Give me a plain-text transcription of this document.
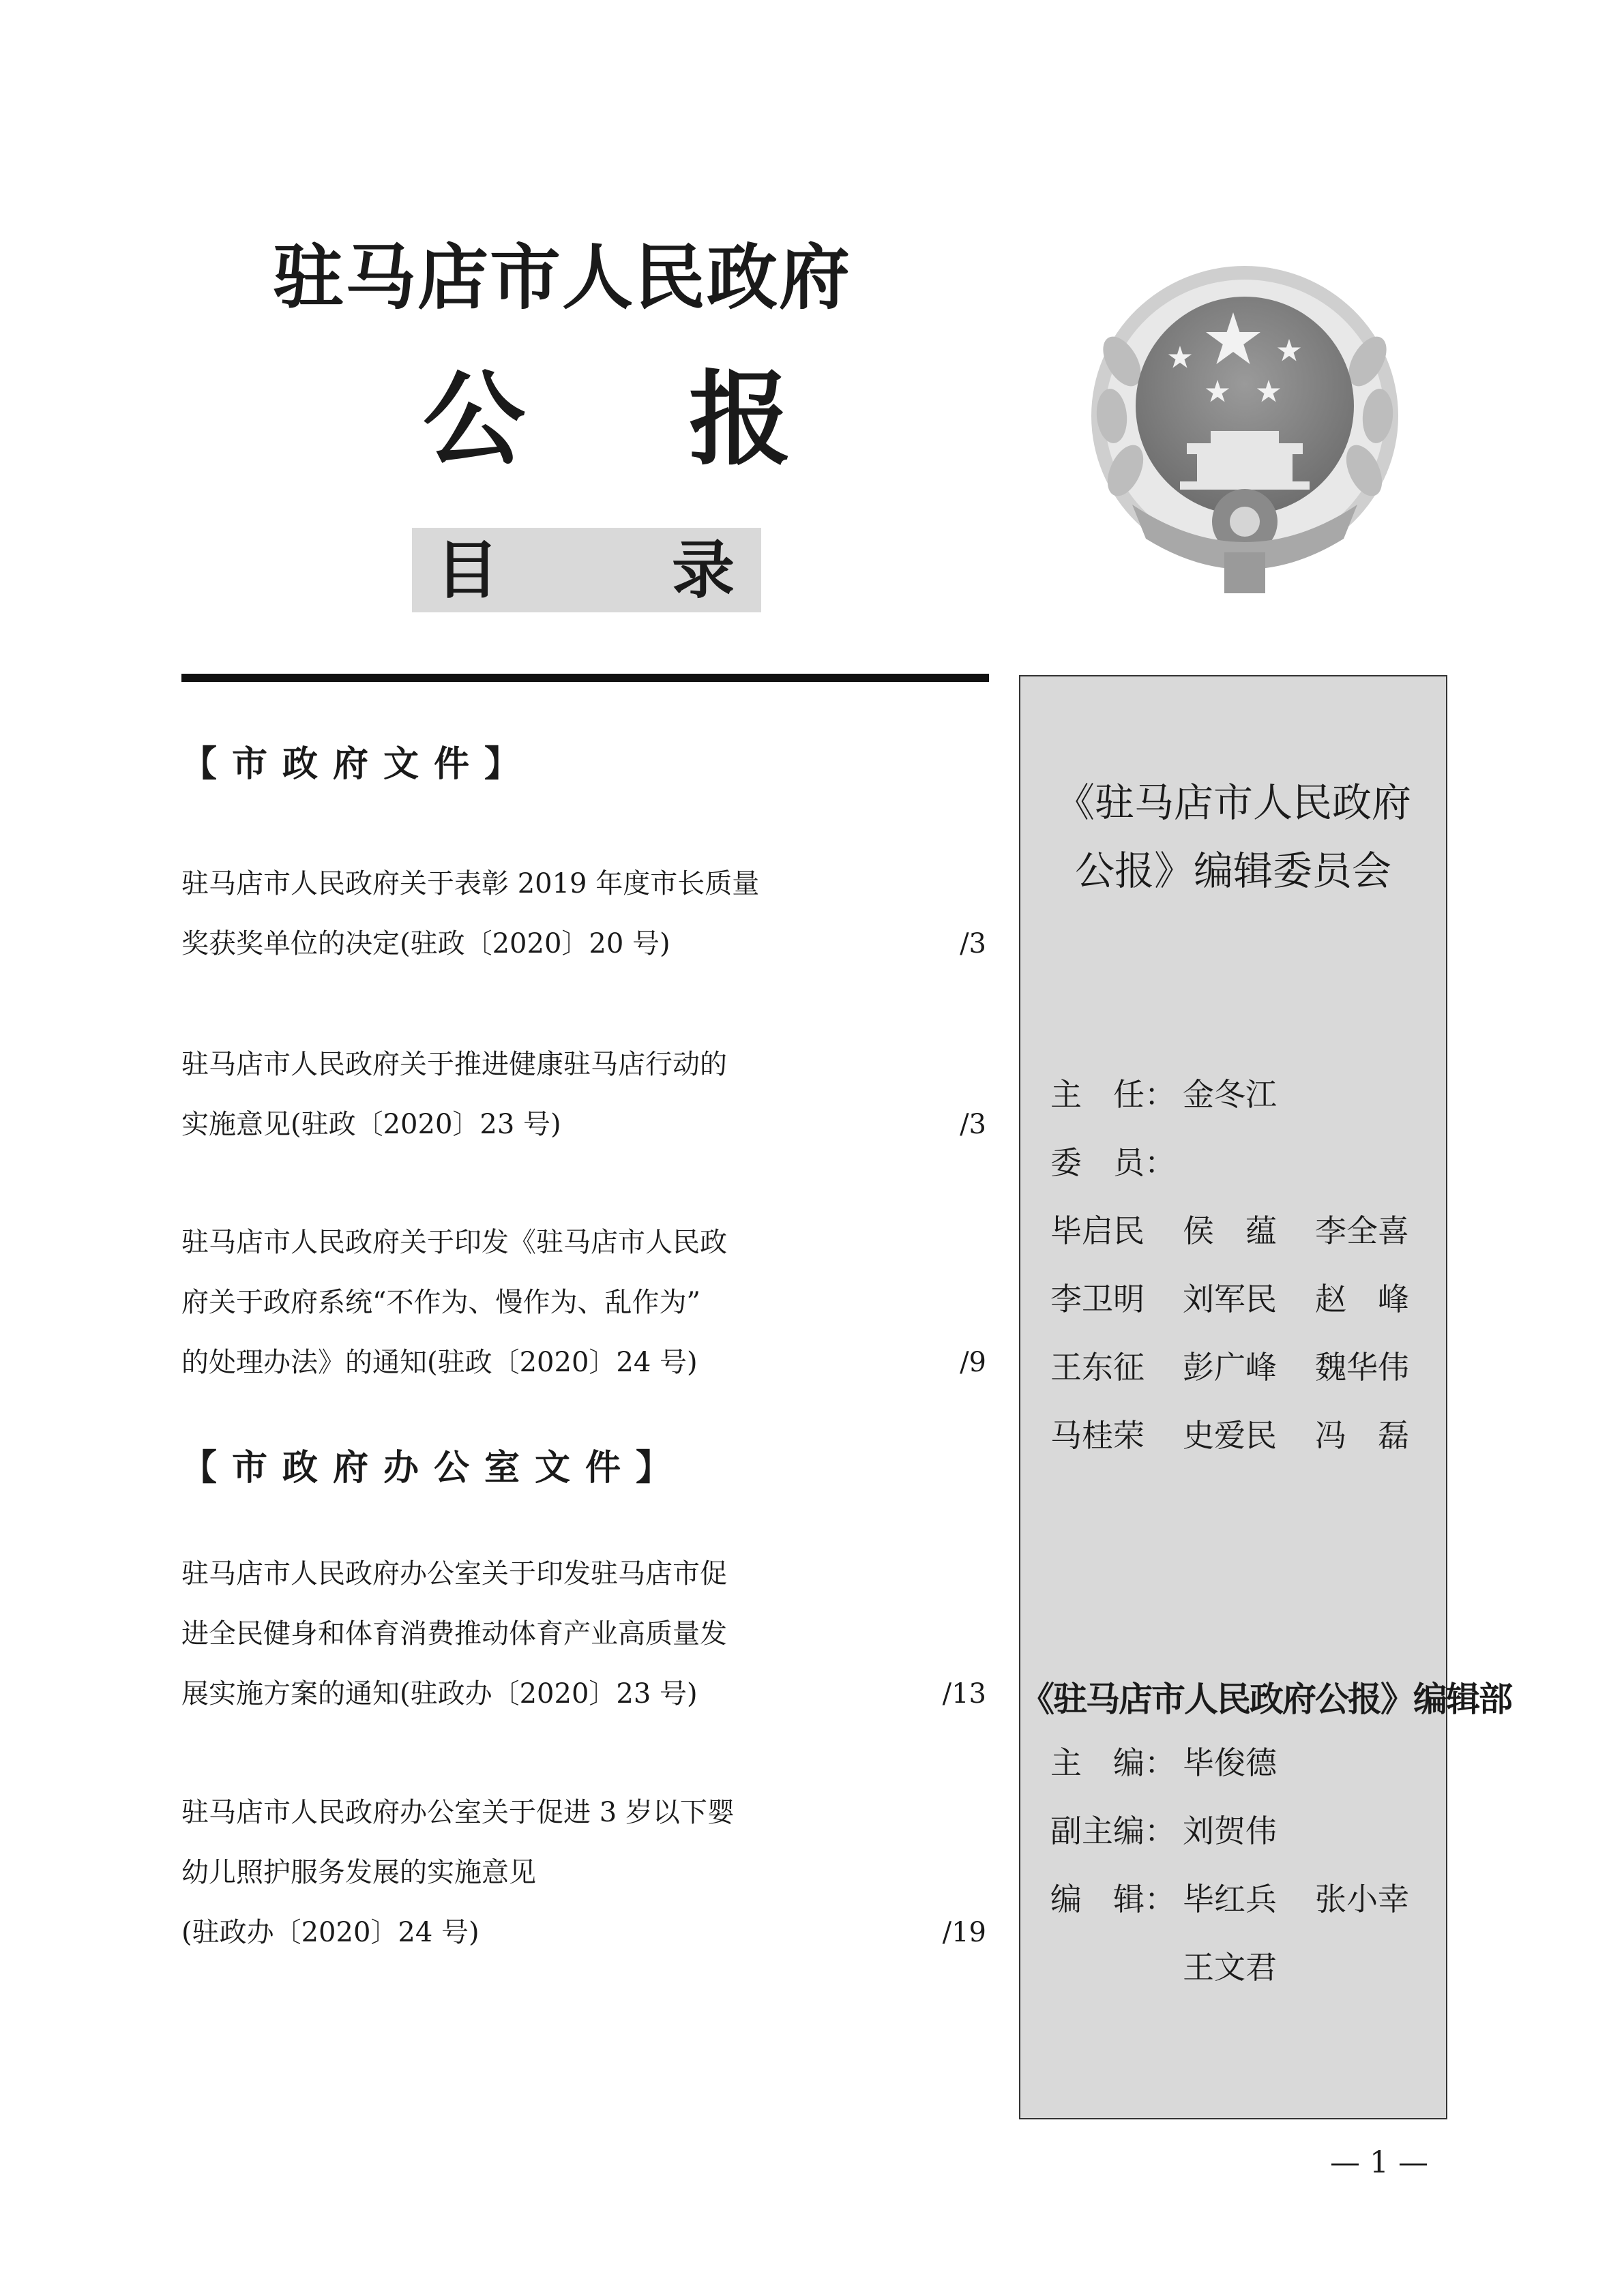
驻马店市人民政府
公报
目	录
【市政府文件】
驻马店市人民政府关于表彰 2019 年度市长质量
奖获奖单位的决定(驻政〔2020〕20 号)	/3
驻马店市人民政府关于推进健康驻马店行动的
实施意见(驻政〔2020〕23 号)	/3
驻马店市人民政府关于印发《驻马店市人民政
府关于政府系统“不作为、慢作为、乱作为”
的处理办法》的通知(驻政〔2020〕24 号)	/9
【市政府办公室文件】
驻马店市人民政府办公室关于印发驻马店市促
进全民健身和体育消费推动体育产业高质量发
展实施方案的通知(驻政办〔2020〕23 号)	/13
驻马店市人民政府办公室关于促进 3 岁以下婴
幼儿照护服务发展的实施意见
(驻政办〔2020〕24 号)	/19
《驻马店市人民政府
公报》编辑委员会
主　任： 金冬江
委　员：
毕启民 侯　蕴 李全喜
李卫明 刘军民 赵　峰
王东征 彭广峰 魏华伟
马桂荣 史爱民 冯　磊
《驻马店市人民政府公报》编辑部
主　编： 毕俊德
副主编： 刘贺伟
编　辑： 毕红兵 张小幸
王文君
— 1 —
